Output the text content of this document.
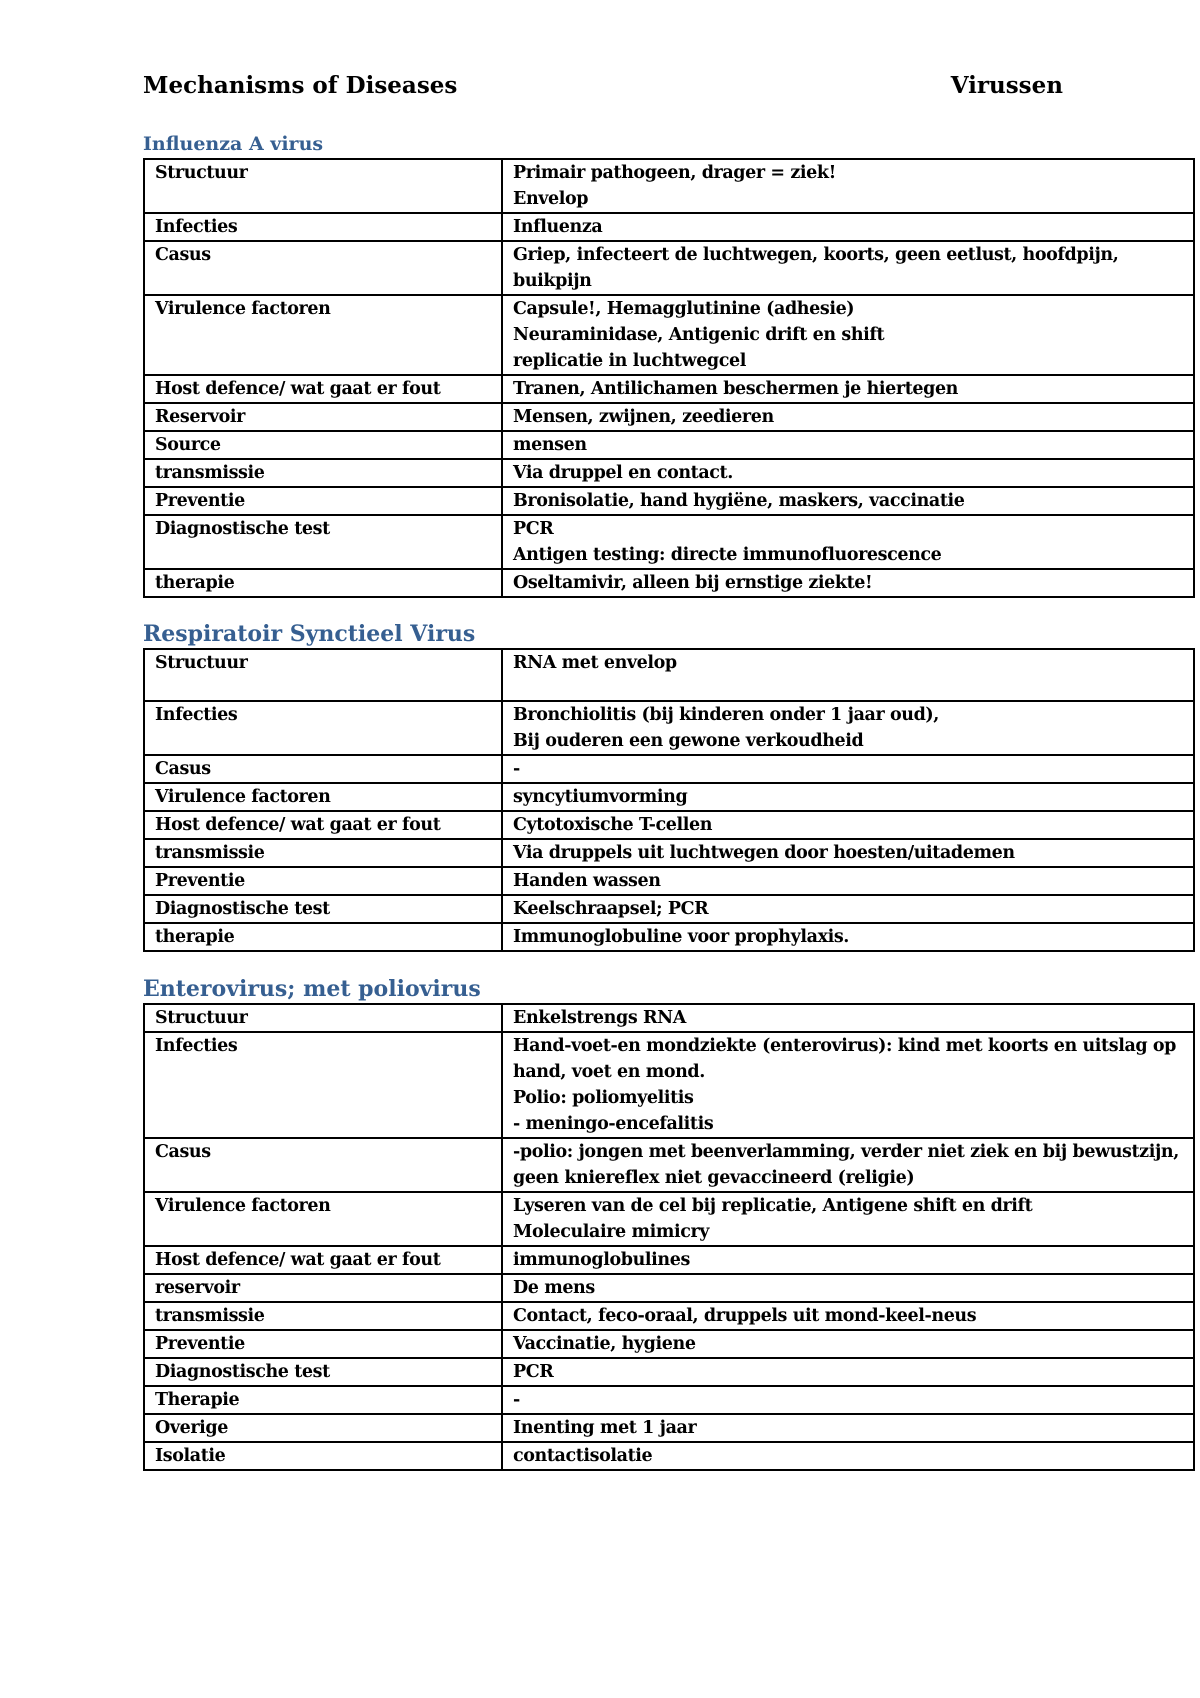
Mechanisms of Diseases	Virussen
Influenza A virus
Structuur	Primair pathogeen, drager = ziek!
Envelop

Infecties	Influenza

Casus	Griep, infecteert de luchtwegen, koorts, geen eetlust, hoofdpijn,
buikpijn

Virulence factoren	Capsule!, Hemagglutinine (adhesie)
Neuraminidase, Antigenic drift en shift
replicatie in luchtwegcel

Host defence/ wat gaat er fout	Tranen, Antilichamen beschermen je hiertegen

Reservoir	Mensen, zwijnen, zeedieren

Source	mensen

transmissie	Via druppel en contact.

Preventie	Bronisolatie, hand hygiëne, maskers, vaccinatie

Diagnostische test	PCR
Antigen testing: directe immunofluorescence

therapie	Oseltamivir, alleen bij ernstige ziekte!
Respiratoir Synctieel Virus
Structuur	RNA met envelop

Infecties	Bronchiolitis (bij kinderen onder 1 jaar oud),
Bij ouderen een gewone verkoudheid

Casus	-

Virulence factoren	syncytiumvorming

Host defence/ wat gaat er fout	Cytotoxische T-cellen

transmissie	Via druppels uit luchtwegen door hoesten/uitademen

Preventie	Handen wassen

Diagnostische test	Keelschraapsel; PCR

therapie	Immunoglobuline voor prophylaxis.
Enterovirus; met poliovirus
Structuur	Enkelstrengs RNA

Infecties	Hand-voet-en mondziekte (enterovirus): kind met koorts en uitslag op
hand, voet en mond.
Polio: poliomyelitis
- meningo-encefalitis

Casus	-polio: jongen met beenverlamming, verder niet ziek en bij bewustzijn,
geen kniereflex niet gevaccineerd (religie)

Virulence factoren	Lyseren van de cel bij replicatie, Antigene shift en drift
Moleculaire mimicry

Host defence/ wat gaat er fout	immunoglobulines

reservoir	De mens

transmissie	Contact, feco-oraal, druppels uit mond-keel-neus

Preventie	Vaccinatie, hygiene

Diagnostische test	PCR

Therapie	-

Overige	Inenting met 1 jaar

Isolatie	contactisolatie
